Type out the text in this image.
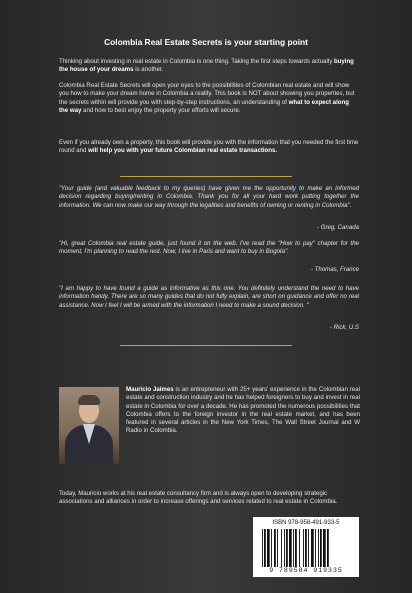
Colombia Real Estate Secrets is your starting point
Thinking about investing in real estate in Colombia is one thing. Taking the first steps towards actually buying the house of your dreams is another.
Colombia Real Estate Secrets will open your eyes to the possibilities of Colombian real estate and will show you how to make your dream home in Colombia a reality. This book is NOT about showing you properties, but the secrets within will provide you with step-by-step instructions, an understanding of what to expect along the way and how to best enjoy the property your efforts will secure.
Even if you already own a property, this book will provide you with the information that you needed the first time round and will help you with your future Colombian real estate transactions.
"Your guide (and valuable feedback to my queries) have given me the opportunity to make an informed decision regarding buying/renting in Colombia. Thank you for all your hard work putting together the information. We can now make our way through the legalities and benefits of owning or renting in Colombia".
- Greg, Canada
"Hi, great Colombia real estate guide, just found it on the web. I've read the "How to pay" chapter for the moment, I'm planning to read the rest. Now, I live in Paris and want to buy in Bogota".
- Thomas, France
"I am happy to have found a guide as informative as this one. You definitely understand the need to have information handy. There are so many guides that do not fully explain, are short on guidance and offer no real assistance. Now I feel I will be armed with the information I need to make a sound decision. "
- Rick, U.S
Mauricio Jaimes is an entrepreneur with 25+ years' experience in the Colombian real estate and construction industry and he has helped foreigners to buy and invest in real estate in Colombia for over a decade. He has promoted the numerous possibilities that Colombia offers to the foreign investor in the real estate market, and has been featured in several articles in the New York Times, The Wall Street Journal and W Radio in Colombia.
Today, Mauricio works at his real estate consultancy firm and is always open to developing strategic associations and alliances in order to increase offerings and services related to real estate in Colombia.
ISBN 978-958-491-933-5
9 789584 919335
